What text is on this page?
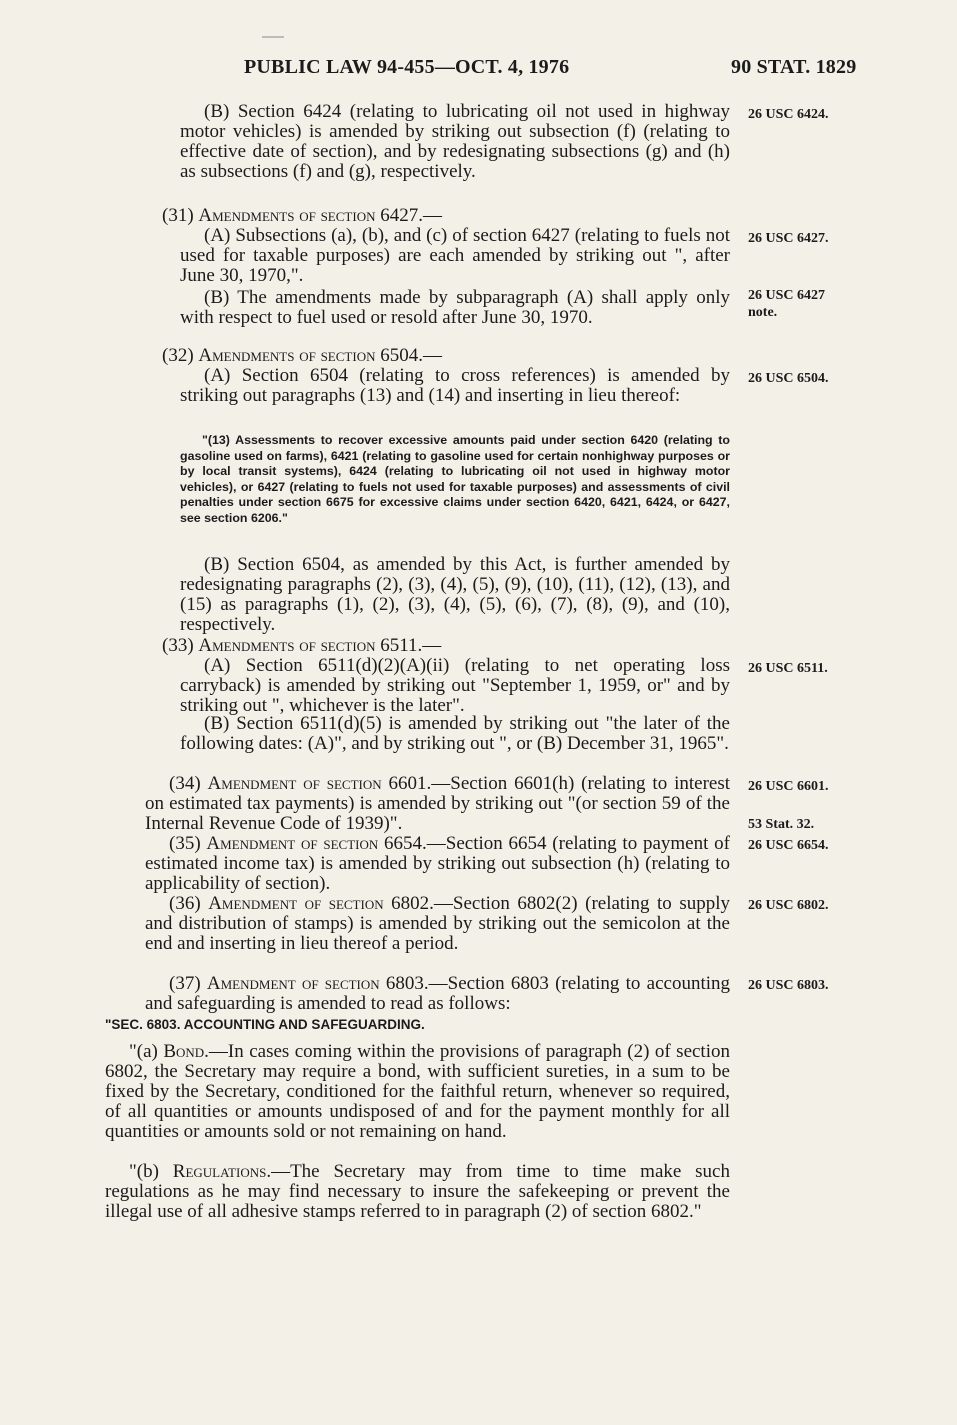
PUBLIC LAW 94-455—OCT. 4, 1976	90 STAT. 1829
(B) Section 6424 (relating to lubricating oil not used in highway motor vehicles) is amended by striking out subsection (f) (relating to effective date of section), and by redesignating subsections (g) and (h) as subsections (f) and (g), respectively.
(31) Amendments of section 6427.—
(A) Subsections (a), (b), and (c) of section 6427 (relating to fuels not used for taxable purposes) are each amended by striking out ", after June 30, 1970,".
(B) The amendments made by subparagraph (A) shall apply only with respect to fuel used or resold after June 30, 1970.
(32) Amendments of section 6504.—
(A) Section 6504 (relating to cross references) is amended by striking out paragraphs (13) and (14) and inserting in lieu thereof:
"(13) Assessments to recover excessive amounts paid under section 6420 (relating to gasoline used on farms), 6421 (relating to gasoline used for certain nonhighway purposes or by local transit systems), 6424 (relating to lubricating oil not used in highway motor vehicles), or 6427 (relating to fuels not used for taxable purposes) and assessments of civil penalties under section 6675 for excessive claims under section 6420, 6421, 6424, or 6427, see section 6206."
(B) Section 6504, as amended by this Act, is further amended by redesignating paragraphs (2), (3), (4), (5), (9), (10), (11), (12), (13), and (15) as paragraphs (1), (2), (3), (4), (5), (6), (7), (8), (9), and (10), respectively.
(33) Amendments of section 6511.—
(A) Section 6511(d)(2)(A)(ii) (relating to net operating loss carryback) is amended by striking out "September 1, 1959, or" and by striking out ", whichever is the later".
(B) Section 6511(d)(5) is amended by striking out "the later of the following dates: (A)", and by striking out ", or (B) December 31, 1965".
(34) Amendment of section 6601.—Section 6601(h) (relating to interest on estimated tax payments) is amended by striking out "(or section 59 of the Internal Revenue Code of 1939)".
(35) Amendment of section 6654.—Section 6654 (relating to payment of estimated income tax) is amended by striking out subsection (h) (relating to applicability of section).
(36) Amendment of section 6802.—Section 6802(2) (relating to supply and distribution of stamps) is amended by striking out the semicolon at the end and inserting in lieu thereof a period.
(37) Amendment of section 6803.—Section 6803 (relating to accounting and safeguarding is amended to read as follows:
"SEC. 6803. ACCOUNTING AND SAFEGUARDING.
"(a) Bond.—In cases coming within the provisions of paragraph (2) of section 6802, the Secretary may require a bond, with sufficient sureties, in a sum to be fixed by the Secretary, conditioned for the faithful return, whenever so required, of all quantities or amounts undisposed of and for the payment monthly for all quantities or amounts sold or not remaining on hand.
"(b) Regulations.—The Secretary may from time to time make such regulations as he may find necessary to insure the safekeeping or prevent the illegal use of all adhesive stamps referred to in paragraph (2) of section 6802."
26 USC 6424.
26 USC 6427.
26 USC 6427
note.
26 USC 6504.
26 USC 6511.
26 USC 6601.
53 Stat. 32.
26 USC 6654.
26 USC 6802.
26 USC 6803.
